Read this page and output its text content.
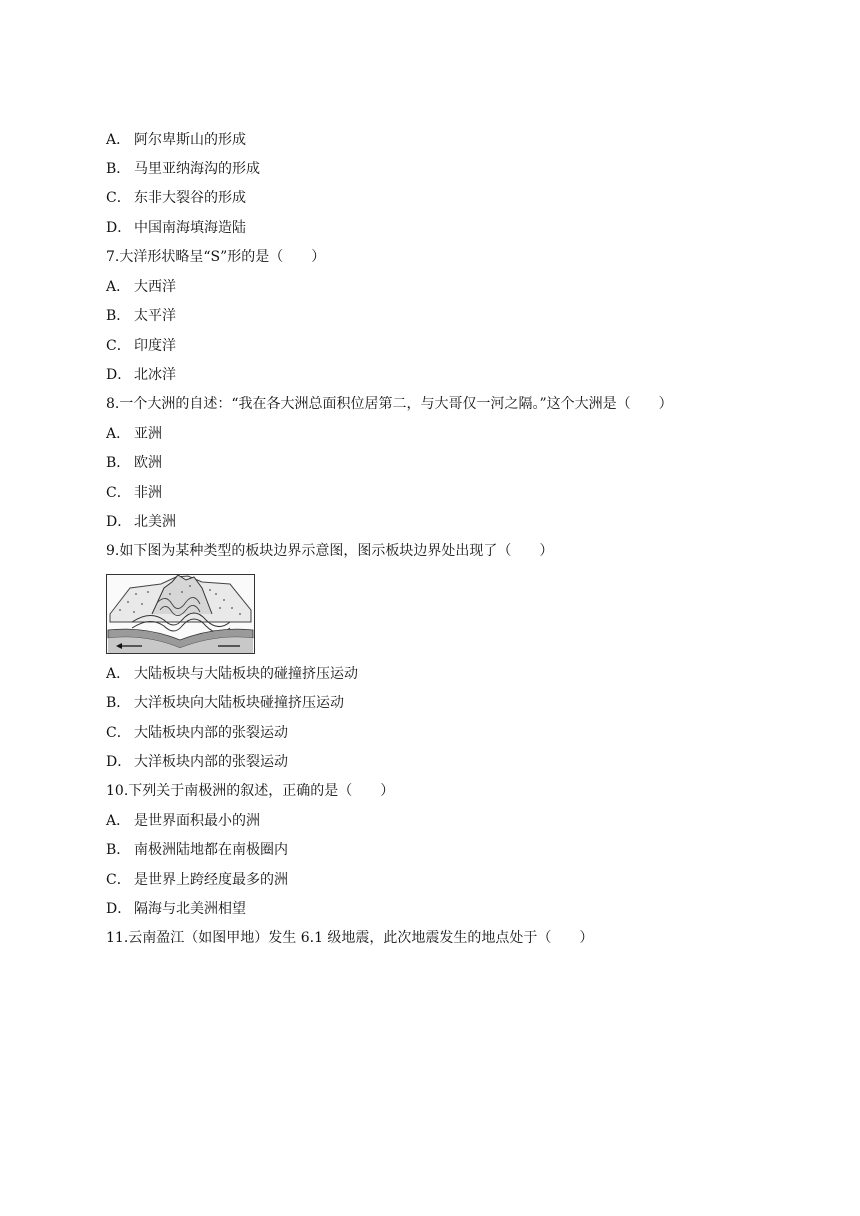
A． 阿尔卑斯山的形成
B． 马里亚纳海沟的形成
C． 东非大裂谷的形成
D． 中国南海填海造陆
7.大洋形状略呈“S”形的是（　　）
A． 大西洋
B． 太平洋
C． 印度洋
D． 北冰洋
8.一个大洲的自述：“我在各大洲总面积位居第二，与大哥仅一河之隔。”这个大洲是（　　）
A． 亚洲
B． 欧洲
C． 非洲
D． 北美洲
9.如下图为某种类型的板块边界示意图，图示板块边界处出现了（　　）
A． 大陆板块与大陆板块的碰撞挤压运动
B． 大洋板块向大陆板块碰撞挤压运动
C． 大陆板块内部的张裂运动
D． 大洋板块内部的张裂运动
10.下列关于南极洲的叙述，正确的是（　　）
A． 是世界面积最小的洲
B． 南极洲陆地都在南极圈内
C． 是世界上跨经度最多的洲
D． 隔海与北美洲相望
11.云南盈江（如图甲地）发生 6.1 级地震，此次地震发生的地点处于（　　）
